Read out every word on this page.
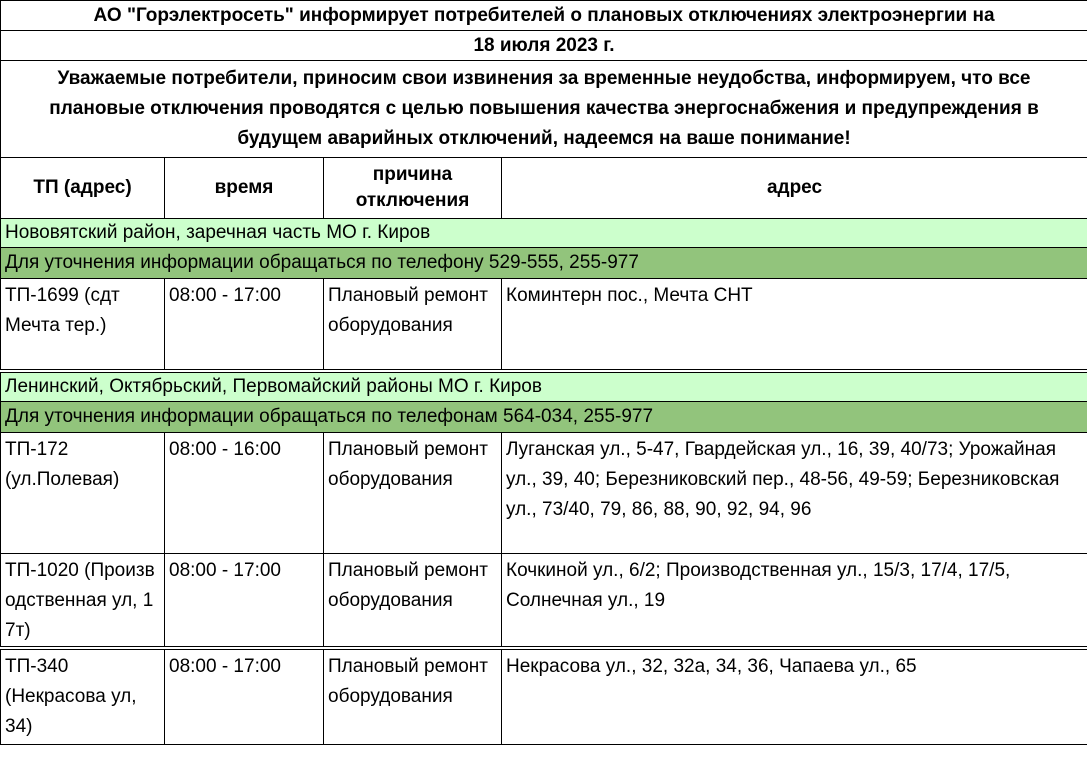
АО "Горэлектросеть" информирует потребителей о плановых отключениях электроэнергии на			
18 июля 2023 г.			
Уважаемые потребители, приносим свои извинения за временные неудобства, информируем, что все плановые отключения проводятся с целью повышения качества энергоснабжения и предупреждения в будущем аварийных отключений, надеемся на ваше понимание!			
ТП (адрес)	время	причина отключения	адрес
Нововятский район, заречная часть МО г. Киров			
Для уточнения информации обращаться по телефону 529-555, 255-977			
ТП-1699 (сдт Мечта тер.)	08:00 - 17:00	Плановый ремонт оборудования	Коминтерн пос., Мечта СНТ
Ленинский, Октябрьский, Первомайский районы МО г. Киров			
Для уточнения информации обращаться по телефонам 564-034, 255-977			
ТП-172 (ул.Полевая)	08:00 - 16:00	Плановый ремонт оборудования	Луганская ул., 5-47, Гвардейская ул., 16, 39, 40/73; Урожайная ул., 39, 40; Березниковский пер., 48-56, 49-59; Березниковская ул., 73/40, 79, 86, 88, 90, 92, 94, 96
ТП-1020 (Производственная ул, 17т)	08:00 - 17:00	Плановый ремонт оборудования	Кочкиной ул., 6/2; Производственная ул., 15/3, 17/4, 17/5, Солнечная ул., 19
ТП-340 (Некрасова ул, 34)	08:00 - 17:00	Плановый ремонт оборудования	Некрасова ул., 32, 32а, 34, 36, Чапаева ул., 65
